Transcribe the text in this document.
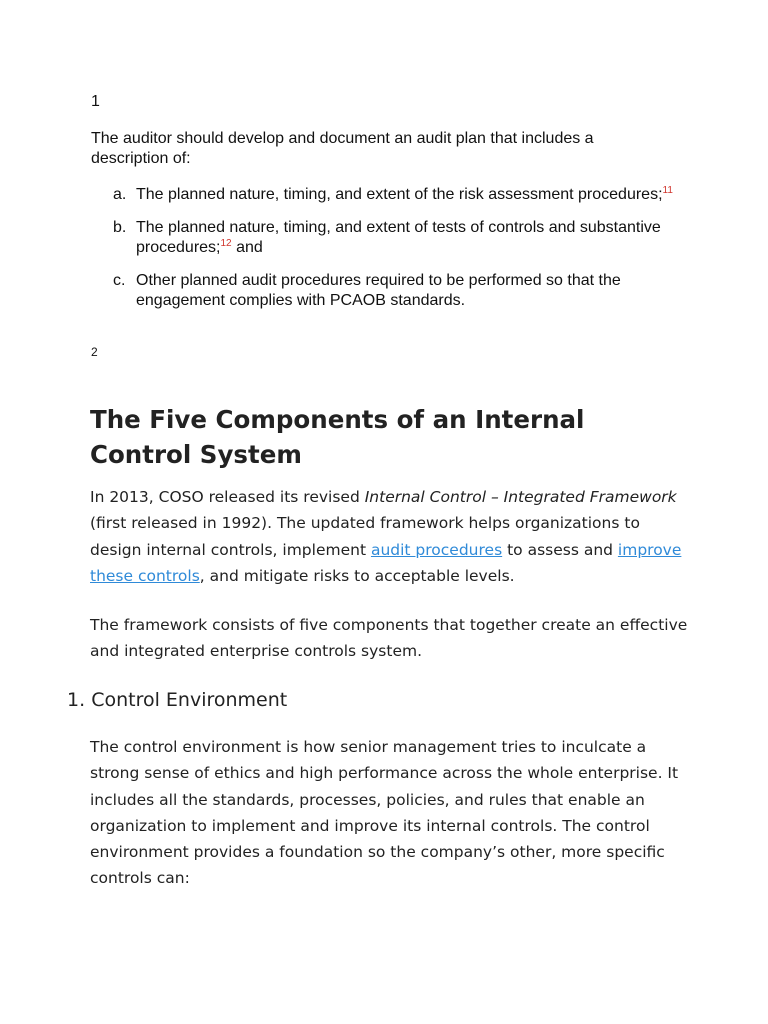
1

The auditor should develop and document an audit plan that includes a description of:

a. The planned nature, timing, and extent of the risk assessment procedures;$^{11}$
b. The planned nature, timing, and extent of tests of controls and substantive procedures;$^{12}$ and
c. Other planned audit procedures required to be performed so that the engagement complies with PCAOB standards.
2
The Five Components of an Internal Control System

In 2013, COSO released its revised Internal Control – Integrated Framework (first released in 1992). The updated framework helps organizations to design internal controls, implement audit procedures to assess and improve these controls, and mitigate risks to acceptable levels.

The framework consists of five components that together create an effective and integrated enterprise controls system.

1. Control Environment

The control environment is how senior management tries to inculcate a strong sense of ethics and high performance across the whole enterprise. It includes all the standards, processes, policies, and rules that enable an organization to implement and improve its internal controls. The control environment provides a foundation so the company’s other, more specific controls can:
